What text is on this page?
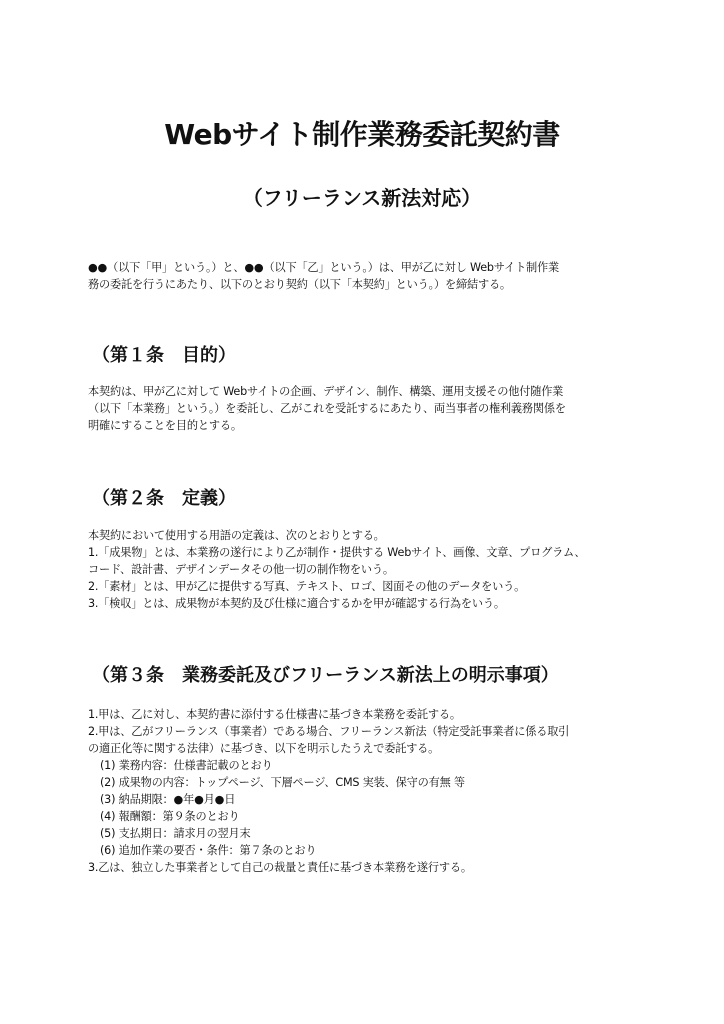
Webサイト制作業務委託契約書
（フリーランス新法対応）
●●（以下「甲」という。）と、●●（以下「乙」という。）は、甲が乙に対し Webサイト制作業
務の委託を行うにあたり、以下のとおり契約（以下「本契約」という。）を締結する。
（第１条　目的）
本契約は、甲が乙に対して Webサイトの企画、デザイン、制作、構築、運用支援その他付随作業
（以下「本業務」という。）を委託し、乙がこれを受託するにあたり、両当事者の権利義務関係を
明確にすることを目的とする。
（第２条　定義）
本契約において使用する用語の定義は、次のとおりとする。
1.「成果物」とは、本業務の遂行により乙が制作・提供する Webサイト、画像、文章、プログラム、
コード、設計書、デザインデータその他一切の制作物をいう。
2.「素材」とは、甲が乙に提供する写真、テキスト、ロゴ、図面その他のデータをいう。
3.「検収」とは、成果物が本契約及び仕様に適合するかを甲が確認する行為をいう。
（第３条　業務委託及びフリーランス新法上の明示事項）
1.甲は、乙に対し、本契約書に添付する仕様書に基づき本業務を委託する。
2.甲は、乙がフリーランス（事業者）である場合、フリーランス新法（特定受託事業者に係る取引
の適正化等に関する法律）に基づき、以下を明示したうえで委託する。
(1) 業務内容：仕様書記載のとおり
(2) 成果物の内容：トップページ、下層ページ、CMS 実装、保守の有無 等
(3) 納品期限：●年●月●日
(4) 報酬額：第９条のとおり
(5) 支払期日：請求月の翌月末
(6) 追加作業の要否・条件：第７条のとおり
3.乙は、独立した事業者として自己の裁量と責任に基づき本業務を遂行する。
